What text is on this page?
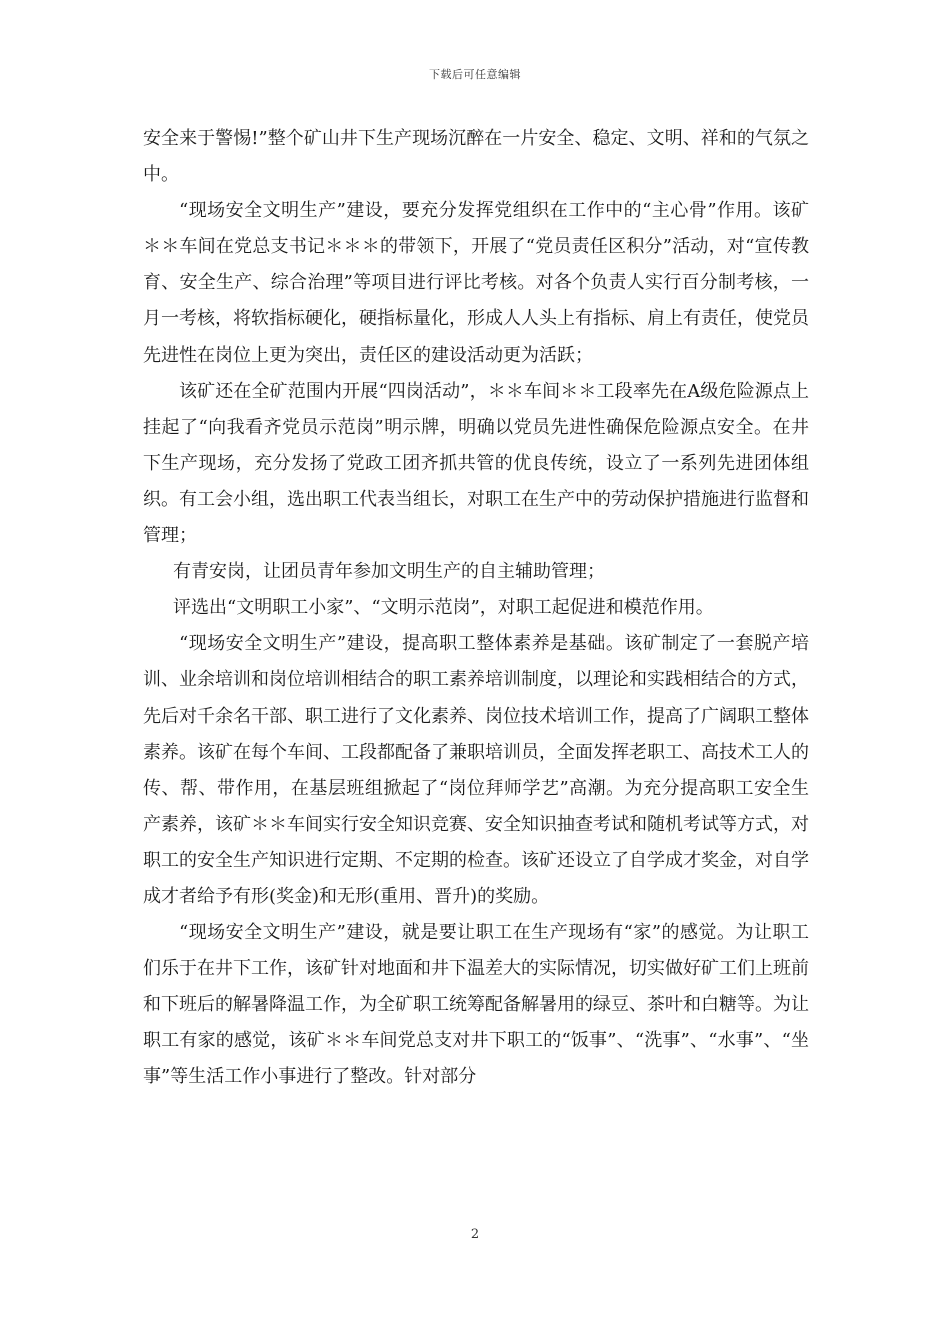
下载后可任意编辑

安全来于警惕!”整个矿山井下生产现场沉醉在一片安全、稳定、文明、祥和的气氛之中。

“现场安全文明生产”建设，要充分发挥党组织在工作中的“主心骨”作用。该矿＊＊车间在党总支书记＊＊＊的带领下，开展了“党员责任区积分”活动，对“宣传教育、安全生产、综合治理”等项目进行评比考核。对各个负责人实行百分制考核，一月一考核，将软指标硬化，硬指标量化，形成人人头上有指标、肩上有责任，使党员先进性在岗位上更为突出，责任区的建设活动更为活跃；

该矿还在全矿范围内开展“四岗活动”，＊＊车间＊＊工段率先在A级危险源点上挂起了“向我看齐党员示范岗”明示牌，明确以党员先进性确保危险源点安全。在井下生产现场，充分发扬了党政工团齐抓共管的优良传统，设立了一系列先进团体组织。有工会小组，选出职工代表当组长，对职工在生产中的劳动保护措施进行监督和管理；

有青安岗，让团员青年参加文明生产的自主辅助管理；

评选出“文明职工小家”、“文明示范岗”，对职工起促进和模范作用。

“现场安全文明生产”建设，提高职工整体素养是基础。该矿制定了一套脱产培训、业余培训和岗位培训相结合的职工素养培训制度，以理论和实践相结合的方式，先后对千余名干部、职工进行了文化素养、岗位技术培训工作，提高了广阔职工整体素养。该矿在每个车间、工段都配备了兼职培训员，全面发挥老职工、高技术工人的传、帮、带作用，在基层班组掀起了“岗位拜师学艺”高潮。为充分提高职工安全生产素养，该矿＊＊车间实行安全知识竞赛、安全知识抽查考试和随机考试等方式，对职工的安全生产知识进行定期、不定期的检查。该矿还设立了自学成才奖金，对自学成才者给予有形(奖金)和无形(重用、晋升)的奖励。

“现场安全文明生产”建设，就是要让职工在生产现场有“家”的感觉。为让职工们乐于在井下工作，该矿针对地面和井下温差大的实际情况，切实做好矿工们上班前和下班后的解暑降温工作，为全矿职工统筹配备解暑用的绿豆、茶叶和白糖等。为让职工有家的感觉，该矿＊＊车间党总支对井下职工的“饭事”、“洗事”、“水事”、“坐事”等生活工作小事进行了整改。针对部分

2
